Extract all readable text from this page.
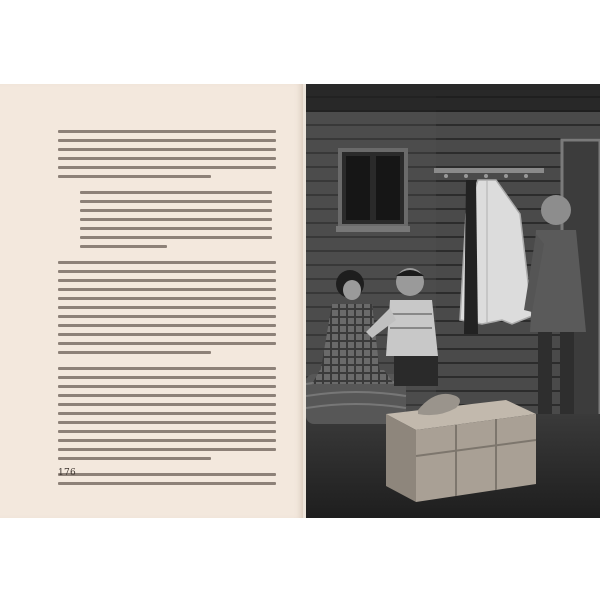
176
